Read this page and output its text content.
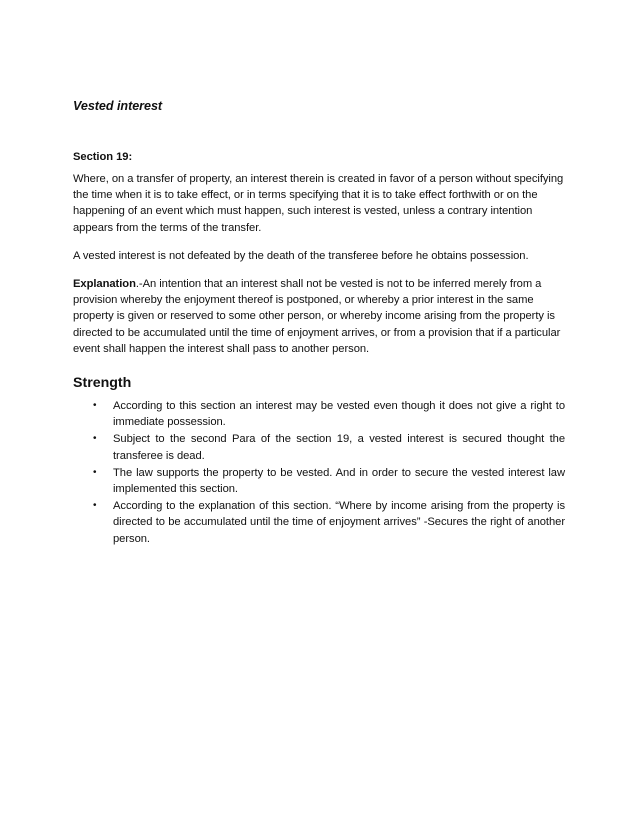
Vested interest
Section 19:

Where, on a transfer of property, an interest therein is created in favor of a person without specifying the time when it is to take effect, or in terms specifying that it is to take effect forthwith or on the happening of an event which must happen, such interest is vested, unless a contrary intention appears from the terms of the transfer.

A vested interest is not defeated by the death of the transferee before he obtains possession.

Explanation.-An intention that an interest shall not be vested is not to be inferred merely from a provision whereby the enjoyment thereof is postponed, or whereby a prior interest in the same property is given or reserved to some other person, or whereby income arising from the property is directed to be accumulated until the time of enjoyment arrives, or from a provision that if a particular event shall happen the interest shall pass to another person.

Strength
• According to this section an interest may be vested even though it does not give a right to immediate possession.
• Subject to the second Para of the section 19, a vested interest is secured thought the transferee is dead.
• The law supports the property to be vested. And in order to secure the vested interest law implemented this section.
• According to the explanation of this section. “Where by income arising from the property is directed to be accumulated until the time of enjoyment arrives” -Secures the right of another person.
